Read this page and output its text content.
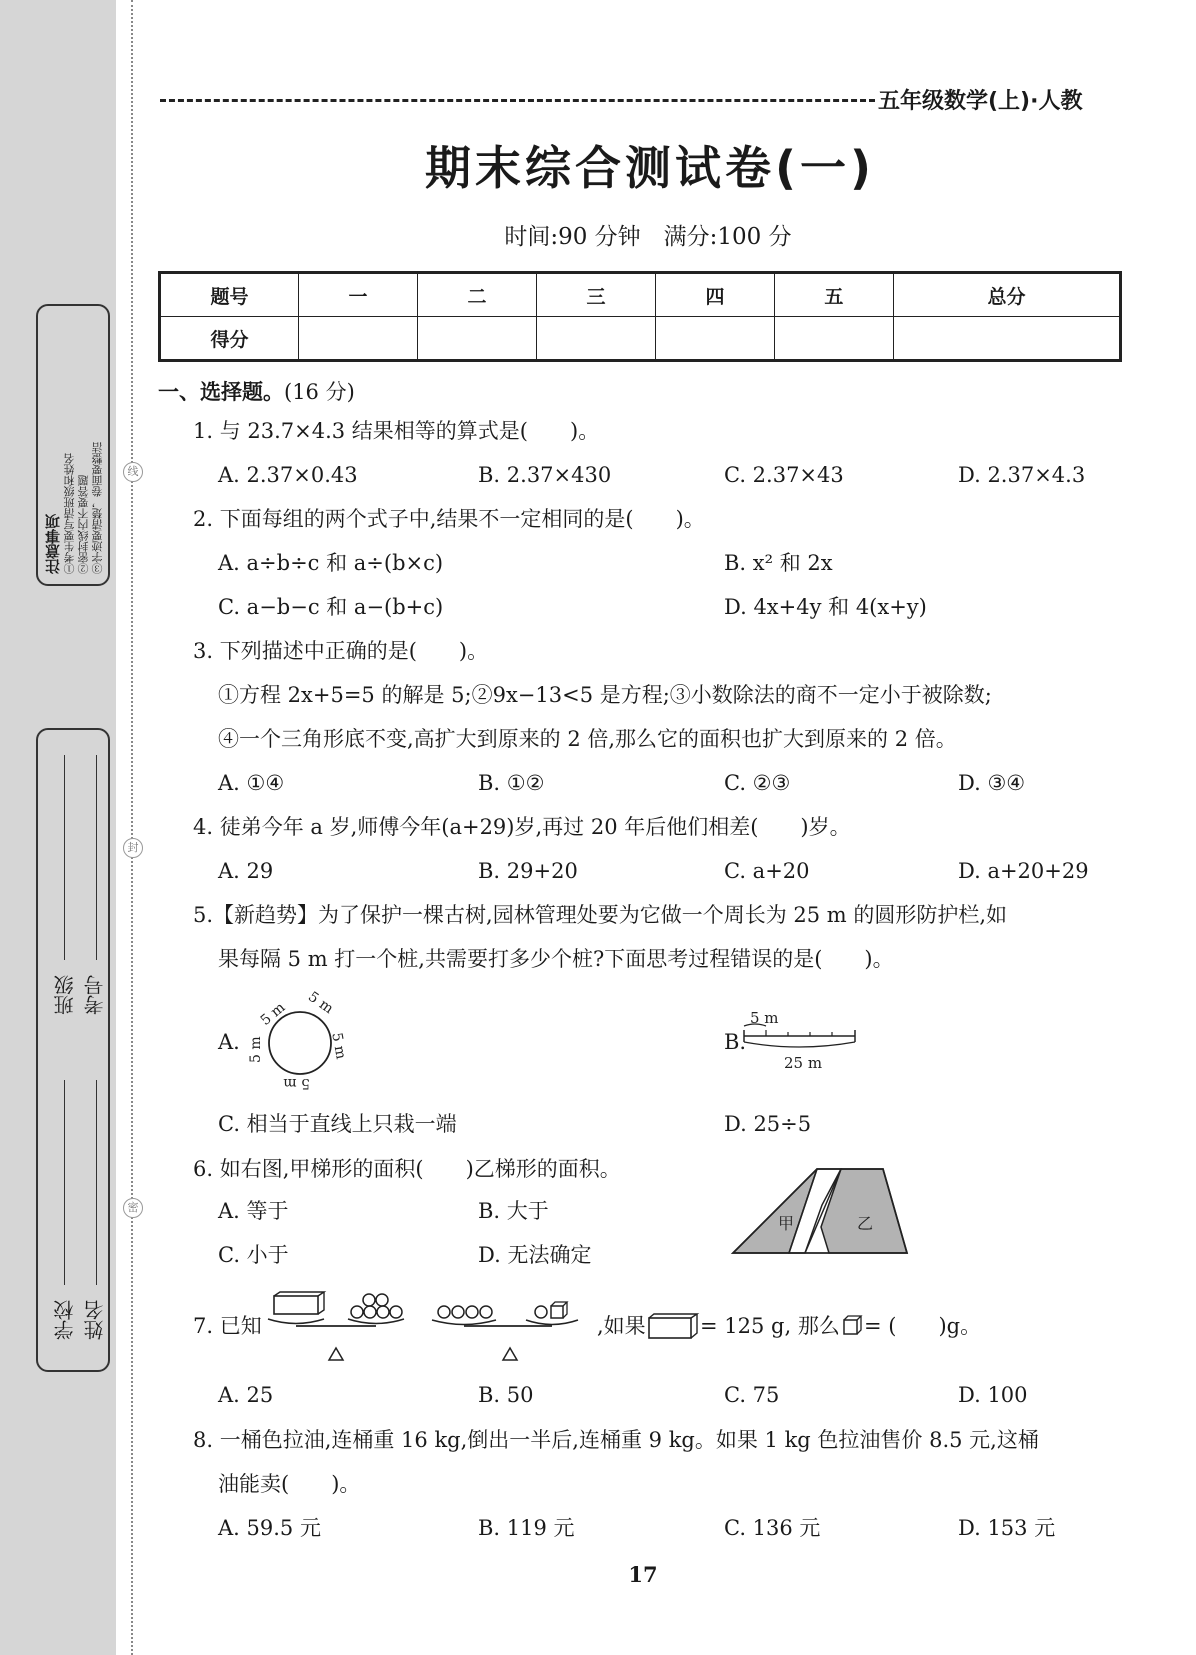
线
封
密
注意事项 ①考生要写清班级和姓名 ②密封线内不要答题 ③字迹要清楚，卷面要整洁
班级 考号
学校 姓名
五年级数学(上)·人教
期末综合测试卷(一)
时间:90 分钟　满分:100 分
题号	一	二	三	四	五	总分
得分						
一、选择题。(16 分)
1. 与 23.7×4.3 结果相等的算式是(　　)。
A. 2.37×0.43	B. 2.37×430	C. 2.37×43	D. 2.37×4.3
2. 下面每组的两个式子中,结果不一定相同的是(　　)。
A. a÷b÷c 和 a÷(b×c)	B. x² 和 2x
C. a−b−c 和 a−(b+c)	D. 4x+4y 和 4(x+y)
3. 下列描述中正确的是(　　)。
①方程 2x+5=5 的解是 5;②9x−13<5 是方程;③小数除法的商不一定小于被除数;
④一个三角形底不变,高扩大到原来的 2 倍,那么它的面积也扩大到原来的 2 倍。
A. ①④	B. ①②	C. ②③	D. ③④
4. 徒弟今年 a 岁,师傅今年(a+29)岁,再过 20 年后他们相差(　　)岁。
A. 29	B. 29+20	C. a+20	D. a+20+29
5.【新趋势】为了保护一棵古树,园林管理处要为它做一个周长为 25 m 的圆形防护栏,如
果每隔 5 m 打一个桩,共需要打多少个桩?下面思考过程错误的是(　　)。
A.
5 m 5 m
5 m
5 m
5 m	B.
5 m
25 m
C. 相当于直线上只栽一端	D. 25÷5
6. 如右图,甲梯形的面积(　　)乙梯形的面积。
A. 等于	B. 大于
C. 小于	D. 无法确定
甲	乙
7. 已知	,如果	= 125 g, 那么 = (　　)g。
A. 25	B. 50	C. 75	D. 100
8. 一桶色拉油,连桶重 16 kg,倒出一半后,连桶重 9 kg。如果 1 kg 色拉油售价 8.5 元,这桶
油能卖(　　)。
A. 59.5 元	B. 119 元	C. 136 元	D. 153 元
17
